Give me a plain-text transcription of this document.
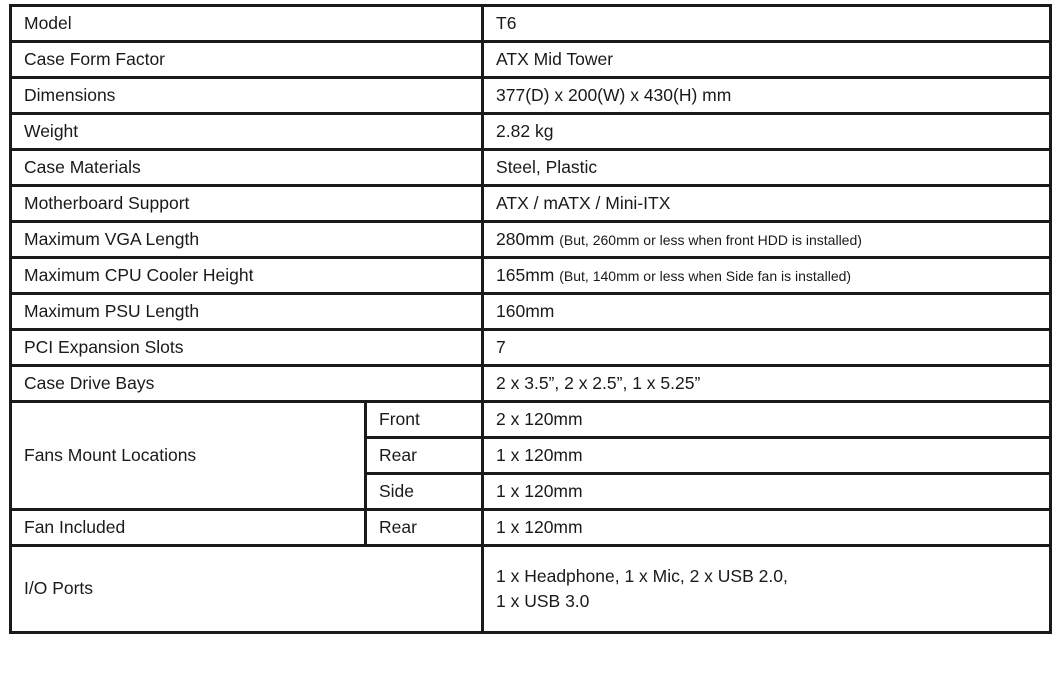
Model		T6
Case Form Factor		ATX Mid Tower
Dimensions		377(D) x 200(W) x 430(H) mm
Weight		2.82 kg
Case Materials		Steel, Plastic
Motherboard Support		ATX / mATX / Mini-ITX
Maximum VGA Length		280mm (But, 260mm or less when front HDD is installed)
Maximum CPU Cooler Height		165mm (But, 140mm or less when Side fan is installed)
Maximum PSU Length		160mm
PCI Expansion Slots		7
Case Drive Bays		2 x 3.5”, 2 x 2.5”, 1 x 5.25”
Fans Mount Locations	Front	2 x 120mm
	Rear	1 x 120mm
	Side	1 x 120mm
Fan Included	Rear	1 x 120mm
I/O Ports		1 x Headphone, 1 x Mic, 2 x USB 2.0,
1 x USB 3.0
